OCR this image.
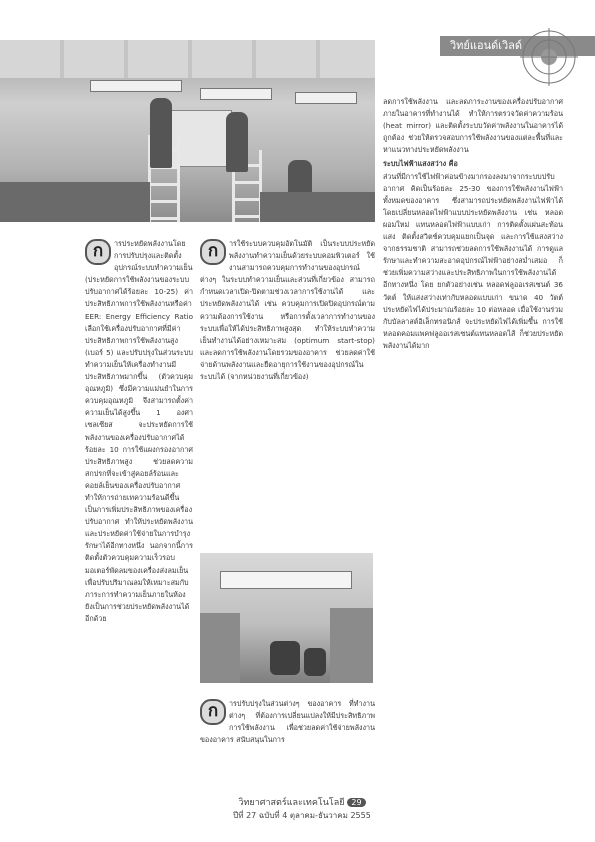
วิทย์แอนด์เวิลด์
ก	ารประหยัดพลังงานโดยการปรับปรุงและติดตั้งอุปกรณ์ระบบทำความเย็น (ประหยัดการใช้พลังงานของระบบปรับอากาศได้ร้อยละ 10-25) ค่าประสิทธิภาพการใช้พลังงานหรือค่า EER: Energy Efficiency Ratio เลือกใช้เครื่องปรับอากาศที่มีค่าประสิทธิภาพการใช้พลังงานสูง (เบอร์ 5) และปรับปรุงในส่วนระบบทำความเย็นให้เครื่องทำงานมีประสิทธิภาพมากขึ้น (ตัวควบคุมอุณหภูมิ) ซึ่งมีความแม่นยำในการควบคุมอุณหภูมิ จึงสามารถตั้งค่าความเย็นได้สูงขึ้น 1 องศาเซลเซียส จะประหยัดการใช้พลังงานของเครื่องปรับอากาศได้ร้อยละ 10 การใช้แผงกรองอากาศประสิทธิภาพสูง ช่วยลดความสกปรกที่จะเข้าสู่คอยล์ร้อนและคอยล์เย็นของเครื่องปรับอากาศ ทำให้การถ่ายเทความร้อนดีขึ้น เป็นการเพิ่มประสิทธิภาพของเครื่องปรับอากาศ ทำให้ประหยัดพลังงานและประหยัดค่าใช้จ่ายในการบำรุงรักษาได้อีกทางหนึ่ง นอกจากนี้การติดตั้งตัวควบคุมความเร็วรอบมอเตอร์พัดลมของเครื่องส่งลมเย็นเพื่อปรับปริมาณลมให้เหมาะสมกับภาระการทำความเย็นภายในห้อง ยังเป็นการช่วยประหยัดพลังงานได้อีกด้วย

ก	ารใช้ระบบควบคุมอัตโนมัติ เป็นระบบประหยัดพลังงานทำความเย็นด้วยระบบคอมพิวเตอร์ ใช้งานสามารถควบคุมการทำงานของอุปกรณ์ต่างๆ ในระบบทำความเย็นและส่วนที่เกี่ยวข้อง สามารถกำหนดเวลาเปิด-ปิดตามช่วงเวลาการใช้งานได้ และประหยัดพลังงานได้ เช่น ควบคุมการเปิดปิดอุปกรณ์ตามความต้องการใช้งาน หรือการตั้งเวลาการทำงานของระบบเพื่อให้ได้ประสิทธิภาพสูงสุด ทำให้ระบบทำความเย็นทำงานได้อย่างเหมาะสม (optimum start-stop) และลดการใช้พลังงานโดยรวมของอาคาร ช่วยลดค่าใช้จ่ายด้านพลังงานและยืดอายุการใช้งานของอุปกรณ์ในระบบได้ (จากหน่วยงานที่เกี่ยวข้อง)

ก	ารปรับปรุงในส่วนต่างๆ ของอาคาร ที่ทำงานต่างๆ ที่ต้องการเปลี่ยนแปลงให้มีประสิทธิภาพการใช้พลังงาน เพื่อช่วยลดค่าใช้จ่ายพลังงานของอาคาร สนับสนุนในการ

ลดการใช้พลังงาน และลดภาระงานของเครื่องปรับอากาศภายในอาคารที่ทำงานได้ ทำให้การตรวจวัดค่าความร้อน (heat mirror) และติดตั้งระบบวัดค่าพลังงานในอาคารได้ถูกต้อง ช่วยให้ตรวจสอบการใช้พลังงานของแต่ละพื้นที่และหาแนวทางประหยัดพลังงาน

ระบบไฟฟ้าแสงสว่าง คือ

ส่วนที่มีการใช้ไฟฟ้าค่อนข้างมากรองลงมาจากระบบปรับอากาศ คิดเป็นร้อยละ 25-30 ของการใช้พลังงานไฟฟ้าทั้งหมดของอาคาร ซึ่งสามารถประหยัดพลังงานไฟฟ้าได้โดยเปลี่ยนหลอดไฟฟ้าแบบประหยัดพลังงาน เช่น หลอดผอมใหม่ แทนหลอดไฟฟ้าแบบเก่า การติดตั้งแผ่นสะท้อนแสง ติดตั้งสวิตช์ควบคุมแยกเป็นจุด และการใช้แสงสว่างจากธรรมชาติ สามารถช่วยลดการใช้พลังงานได้ การดูแลรักษาและทำความสะอาดอุปกรณ์ไฟฟ้าอย่างสม่ำเสมอ ก็ช่วยเพิ่มความสว่างและประสิทธิภาพในการใช้พลังงานได้อีกทางหนึ่ง โดย ยกตัวอย่างเช่น หลอดฟลูออเรสเซนต์ 36 วัตต์ ให้แสงสว่างเท่ากับหลอดแบบเก่า ขนาด 40 วัตต์ ประหยัดไฟได้ประมาณร้อยละ 10 ต่อหลอด เมื่อใช้งานร่วมกับบัลลาสต์อิเล็กทรอนิกส์ จะประหยัดไฟได้เพิ่มขึ้น การใช้หลอดคอมแพคฟลูออเรสเซนต์แทนหลอดไส้ ก็ช่วยประหยัดพลังงานได้มาก

วิทยาศาสตร์และเทคโนโลยี 29
ปีที่ 27 ฉบับที่ 4 ตุลาคม-ธันวาคม 2555
